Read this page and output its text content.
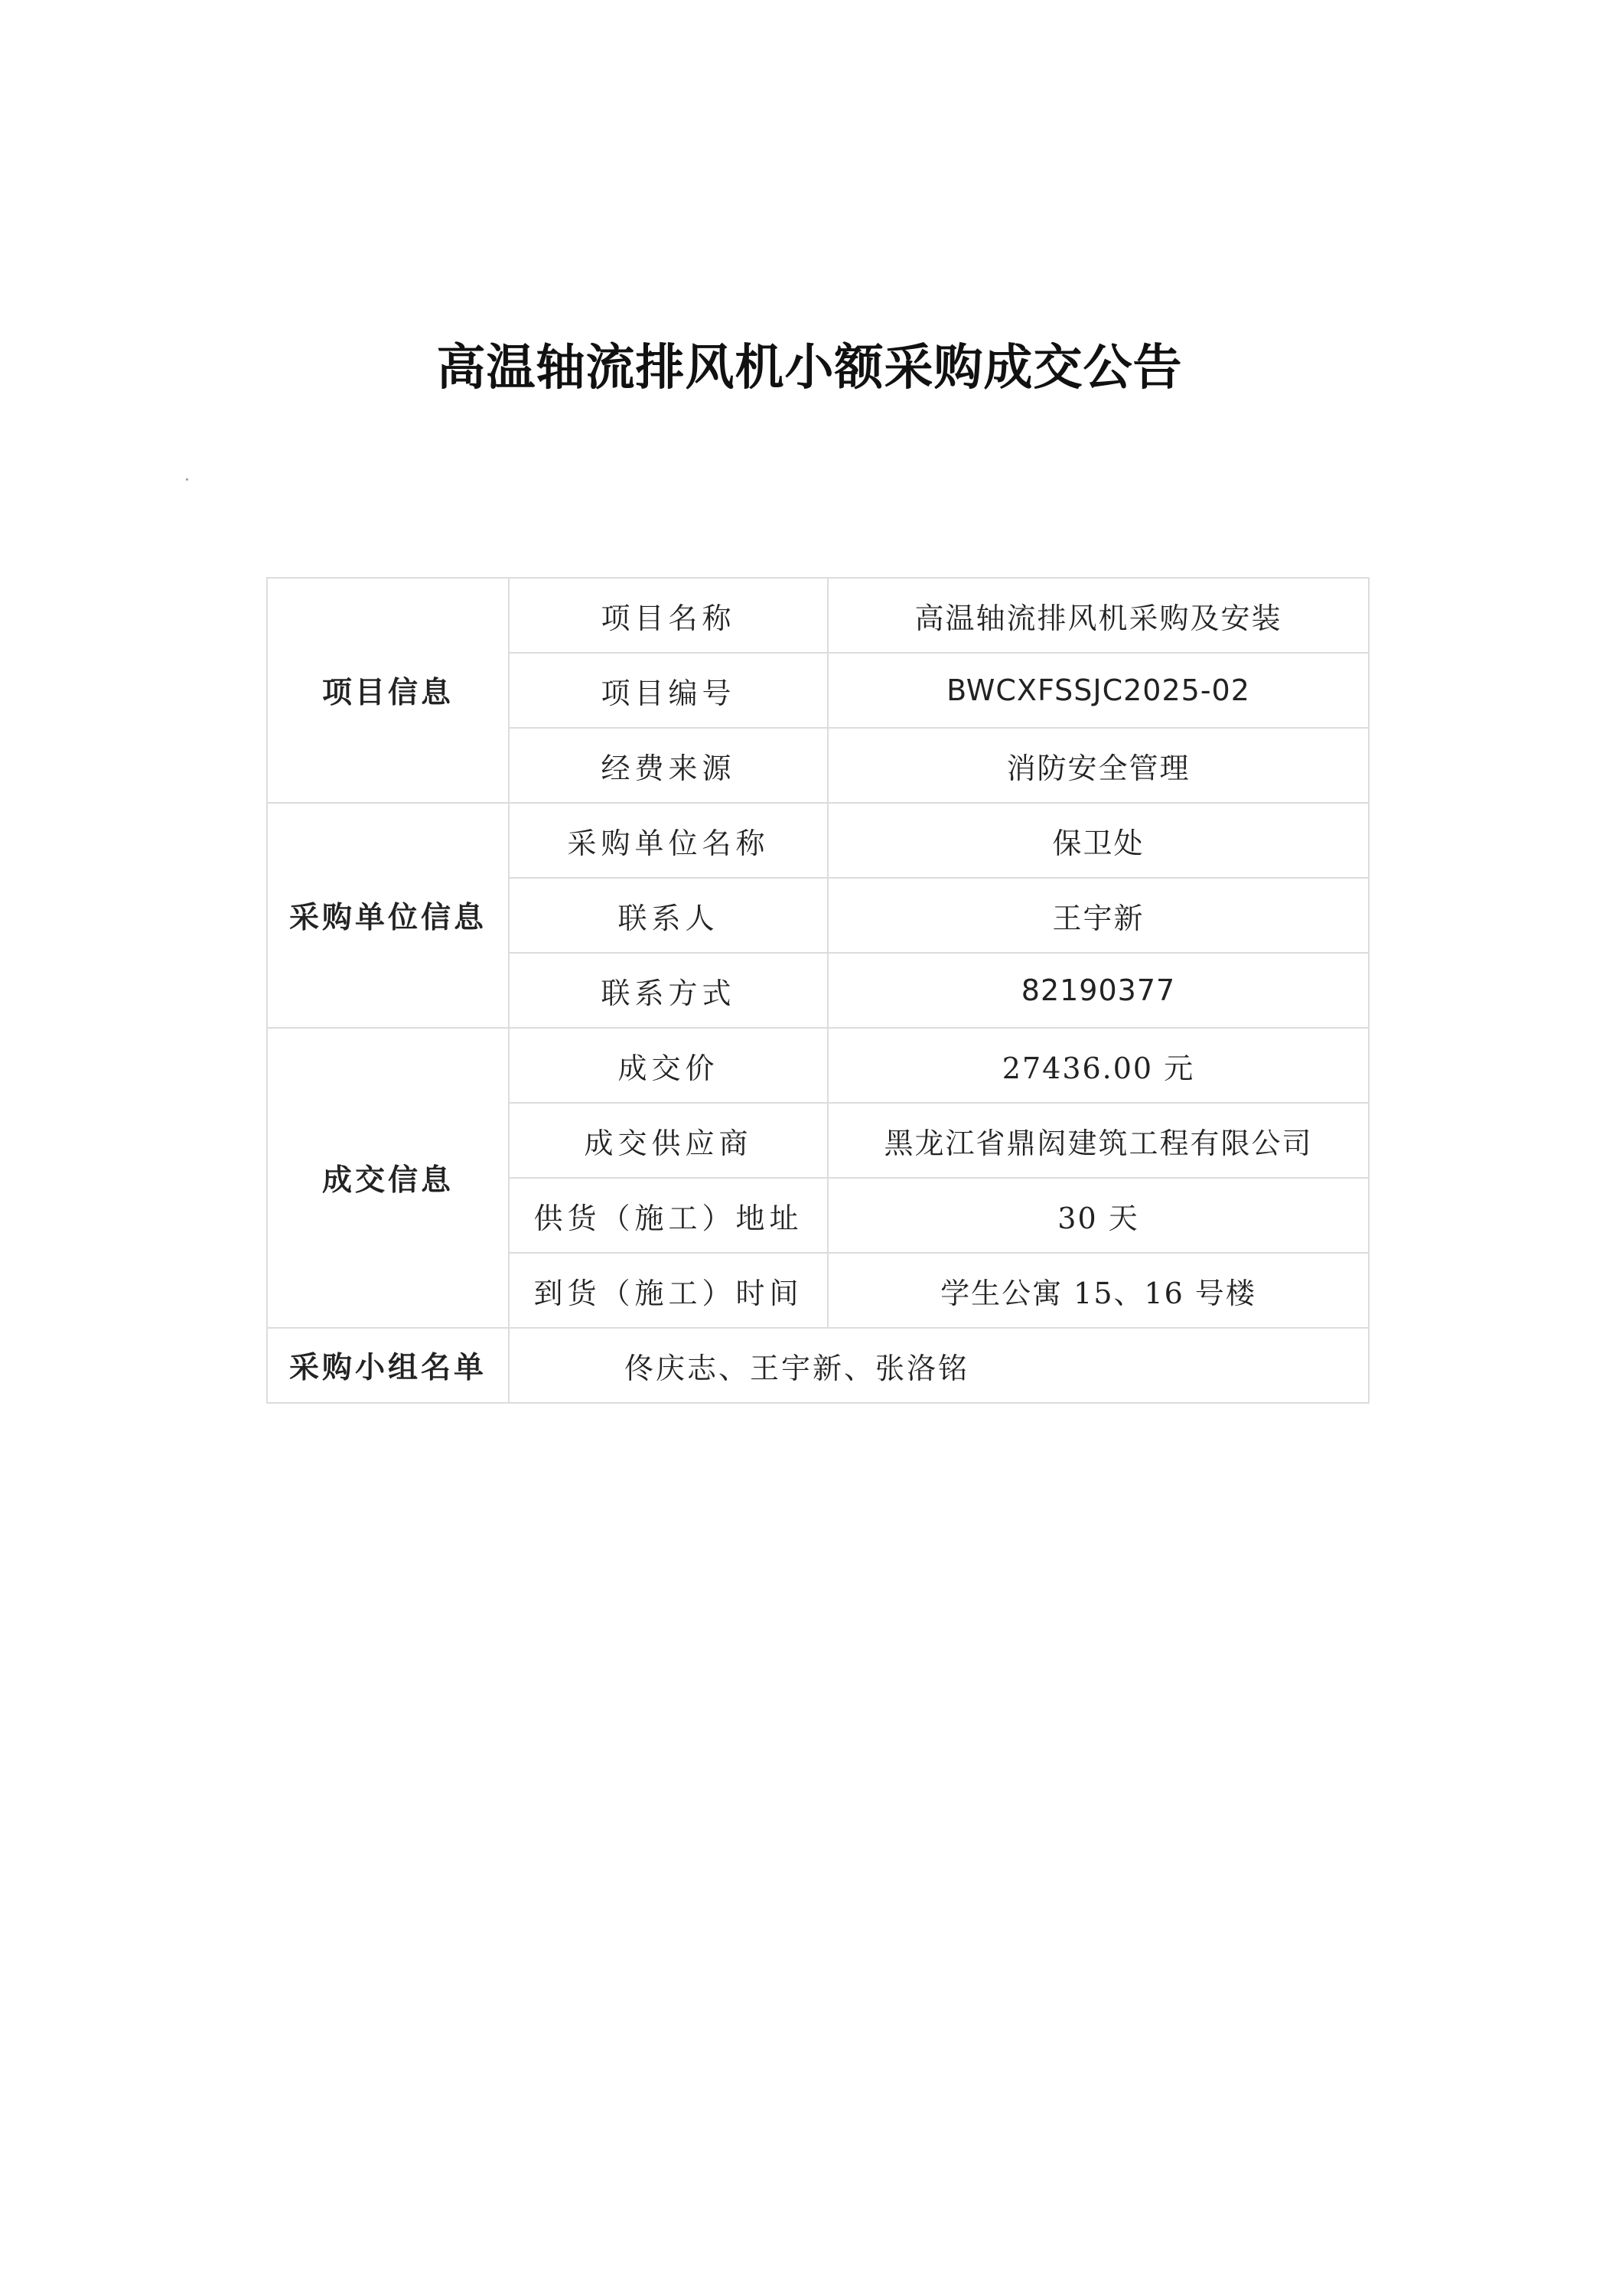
高温轴流排风机小额采购成交公告
项目信息	项目名称	高温轴流排风机采购及安装
	项目编号	BWCXFSSJC2025-02
	经费来源	消防安全管理
采购单位信息	采购单位名称	保卫处
	联系人	王宇新
	联系方式	82190377
成交信息	成交价	27436.00 元
	成交供应商	黑龙江省鼎闳建筑工程有限公司
	供货（施工）地址	30 天
	到货（施工）时间	学生公寓 15、16 号楼
采购小组名单	佟庆志、王宇新、张洛铭	
